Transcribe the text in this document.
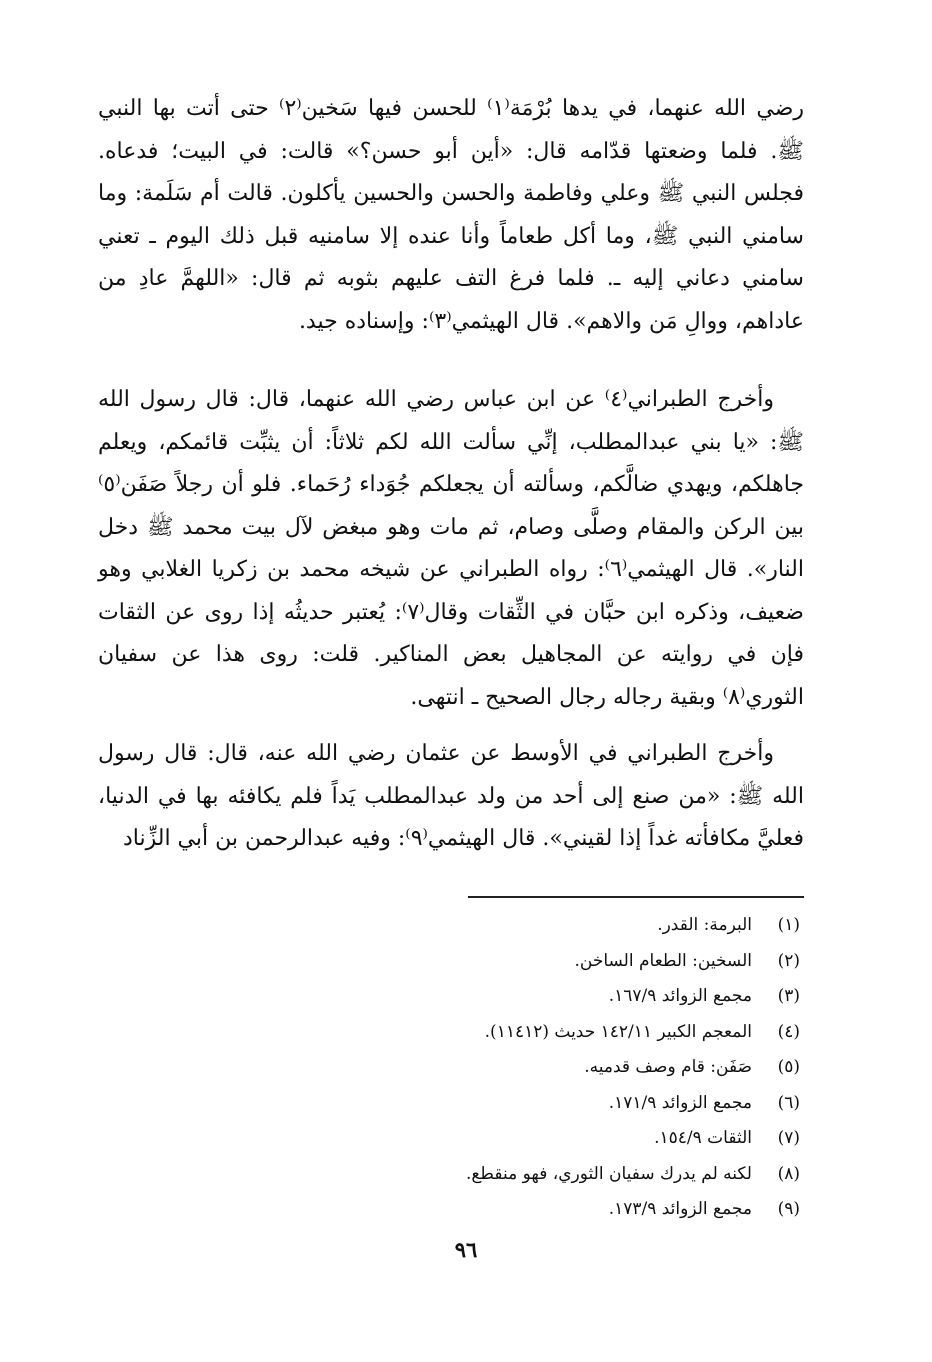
رضي الله عنهما، في يدها بُرْمَة⁽١⁾ للحسن فيها سَخين⁽٢⁾ حتى أتت بها النبي ﷺ. فلما وضعتها قدّامه قال: «أين أبو حسن؟» قالت: في البيت؛ فدعاه. فجلس النبي ﷺ وعلي وفاطمة والحسن والحسين يأكلون. قالت أم سَلَمة: وما سامني النبي ﷺ، وما أكل طعاماً وأنا عنده إلا سامنيه قبل ذلك اليوم ـ تعني سامني دعاني إليه ـ. فلما فرغ التف عليهم بثوبه ثم قال: «اللهمَّ عادِ من عاداهم، ووالِ مَن والاهم». قال الهيثمي⁽٣⁾: وإسناده جيد.

وأخرج الطبراني⁽٤⁾ عن ابن عباس رضي الله عنهما، قال: قال رسول الله ﷺ: «يا بني عبدالمطلب، إنِّي سألت الله لكم ثلاثاً: أن يثبِّت قائمكم، ويعلم جاهلكم، ويهدي ضالَّكم، وسألته أن يجعلكم جُوَداء رُحَماء. فلو أن رجلاً صَفَن⁽٥⁾ بين الركن والمقام وصلَّى وصام، ثم مات وهو مبغض لآل بيت محمد ﷺ دخل النار». قال الهيثمي⁽٦⁾: رواه الطبراني عن شيخه محمد بن زكريا الغلابي وهو ضعيف، وذكره ابن حبَّان في الثِّقات وقال⁽٧⁾: يُعتبر حديثُه إذا روى عن الثقات فإن في روايته عن المجاهيل بعض المناكير. قلت: روى هذا عن سفيان الثوري⁽٨⁾ وبقية رجاله رجال الصحيح ـ انتهى.

وأخرج الطبراني في الأوسط عن عثمان رضي الله عنه، قال: قال رسول الله ﷺ: «من صنع إلى أحد من ولد عبدالمطلب يَداً فلم يكافئه بها في الدنيا، فعليَّ مكافأته غداً إذا لقيني». قال الهيثمي⁽٩⁾: وفيه عبدالرحمن بن أبي الزِّناد

(١)البرمة: القدر.
(٢)السخين: الطعام الساخن.
(٣)مجمع الزوائد ١٦٧/٩.
(٤)المعجم الكبير ١٤٢/١١ حديث (١١٤١٢).
(٥)صَفَن: قام وصف قدميه.
(٦)مجمع الزوائد ١٧١/٩.
(٧)الثقات ١٥٤/٩.
(٨)لكنه لم يدرك سفيان الثوري، فهو منقطع.
(٩)مجمع الزوائد ١٧٣/٩.
٩٦
